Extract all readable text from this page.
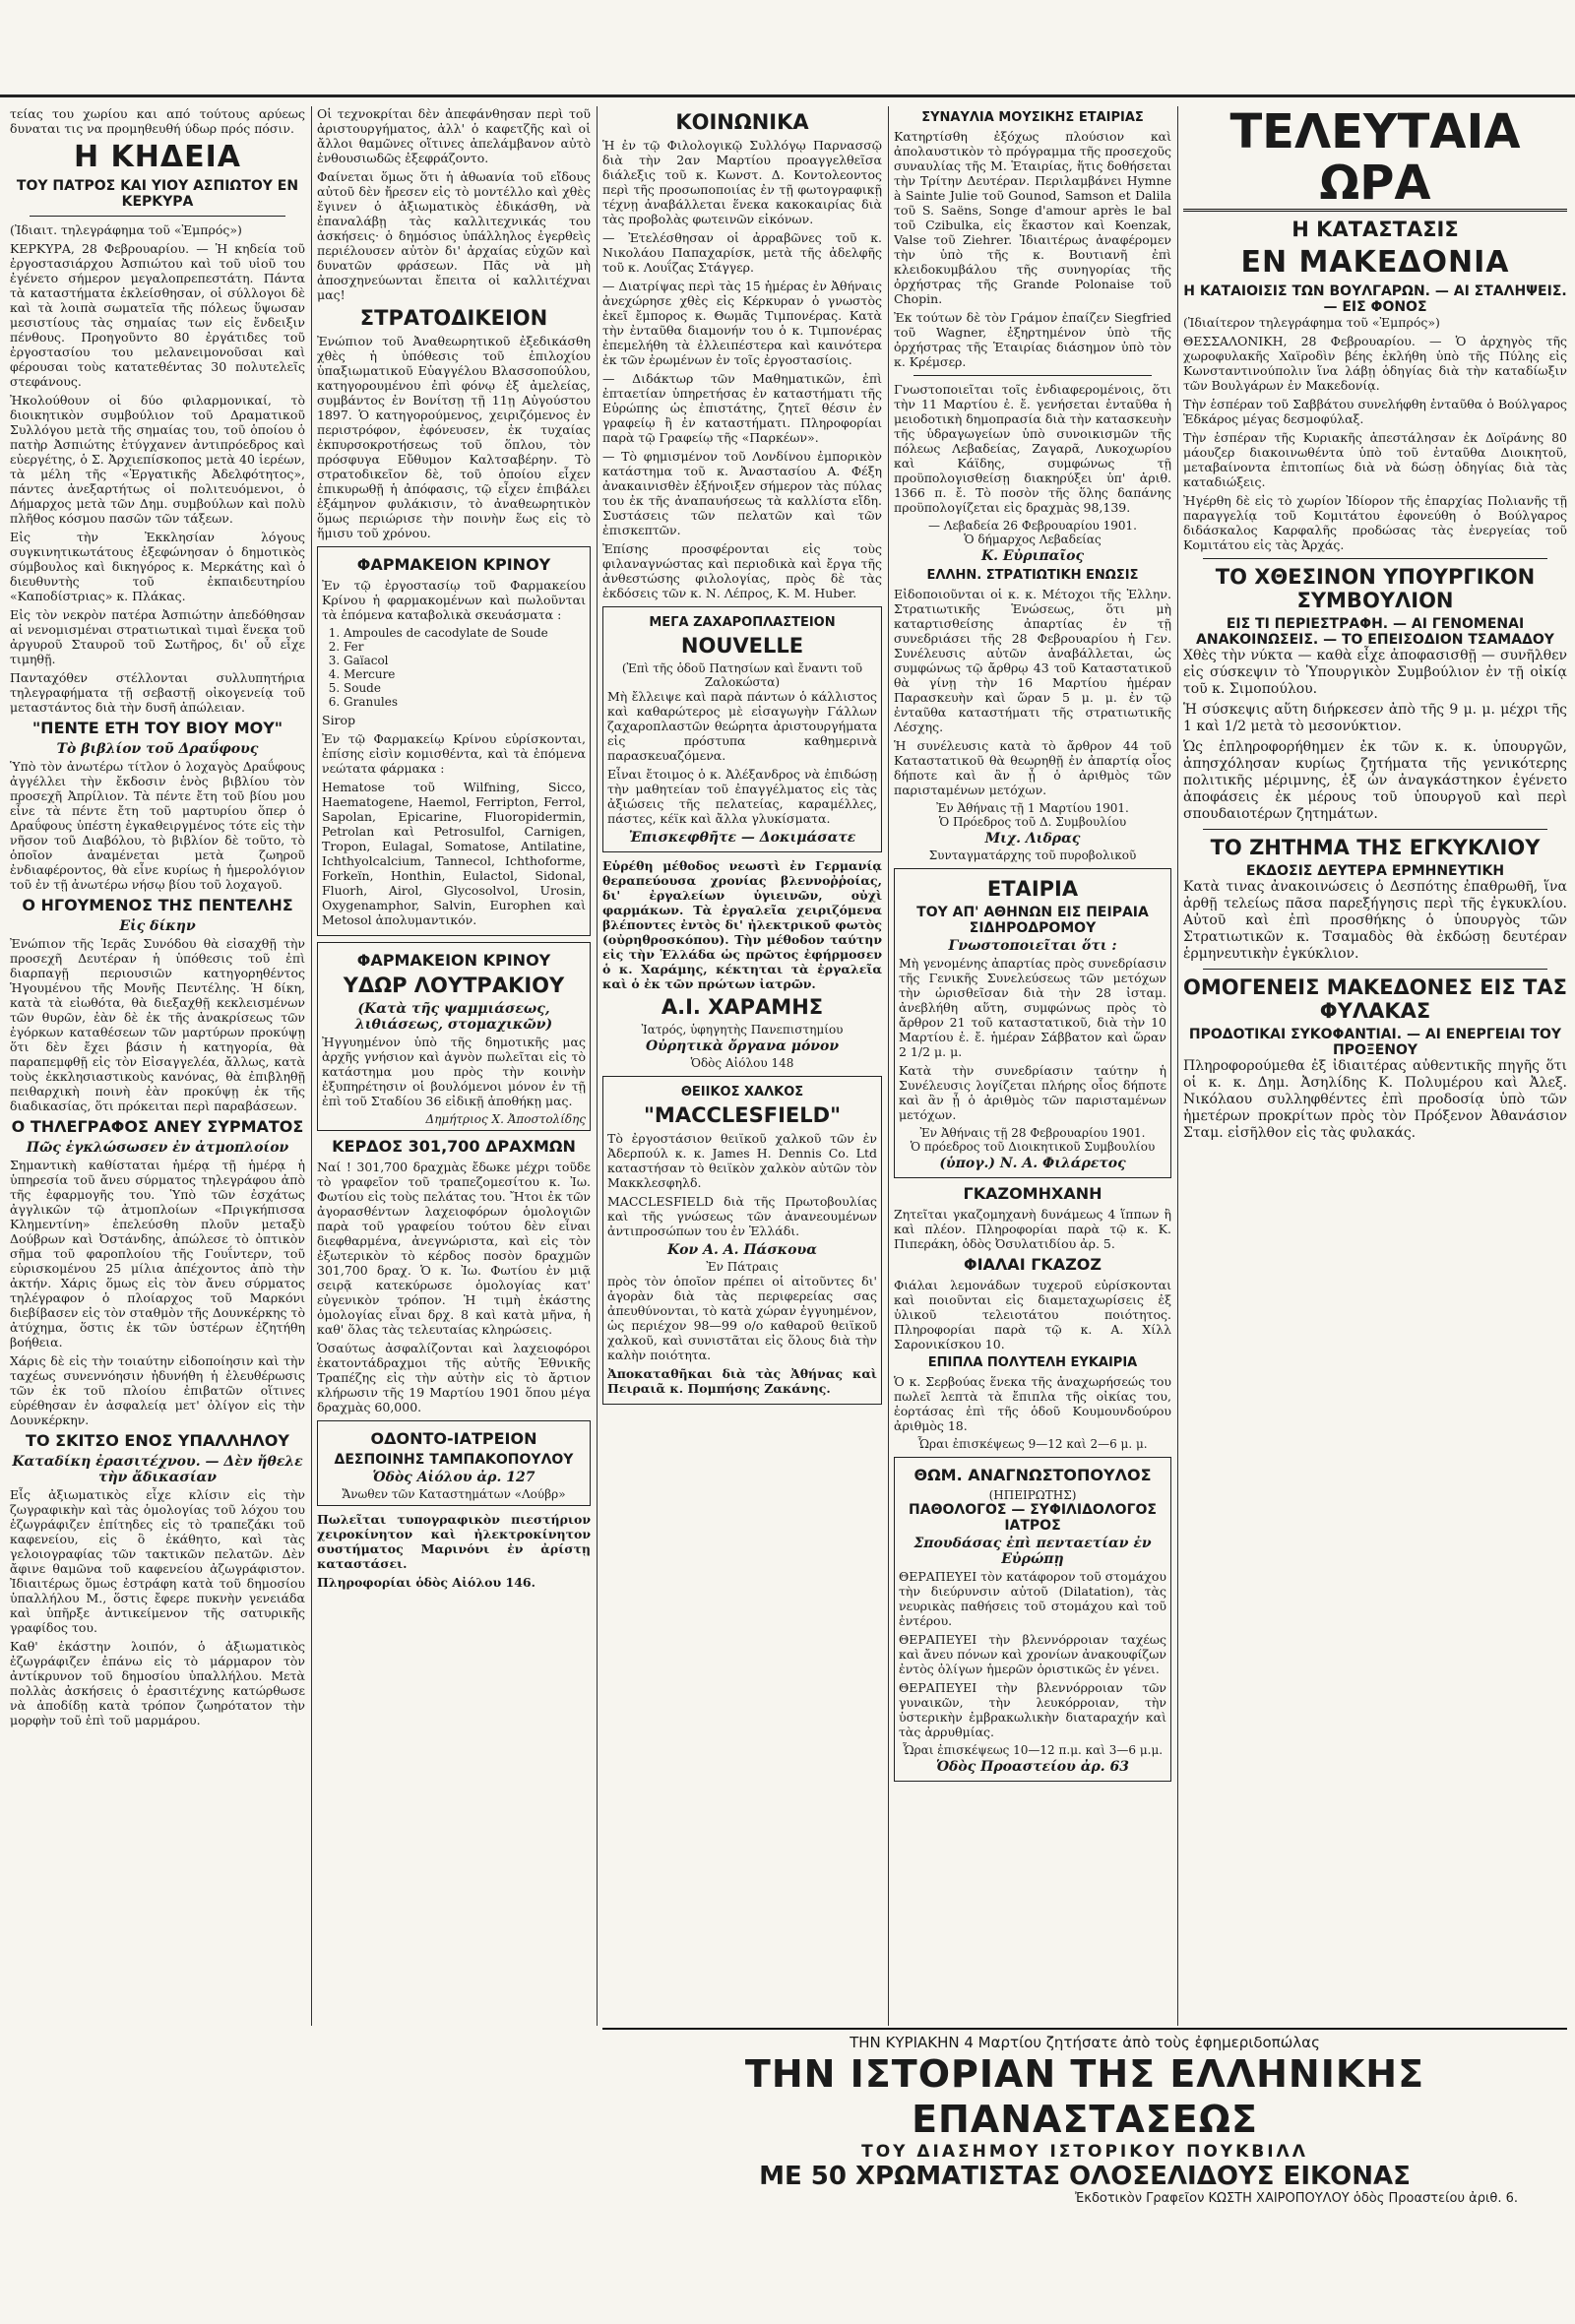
τείας του χωρίου και από τούτους αρύεως δυναται τις να προμηθευθή ύδωρ πρός πόσιν.

Η ΚΗΔΕΙΑ
ΤΟΥ ΠΑΤΡΟΣ ΚΑΙ ΥΙΟΥ ΑΣΠΙΩΤΟΥ ΕΝ ΚΕΡΚΥΡΑ

(Ἰδιαιτ. τηλεγράφημα τοῦ «Ἐμπρός»)

ΚΕΡΚΥΡΑ, 28 Φεβρουαρίου. — Ἡ κηδεία τοῦ ἐργοστασιάρχου Ἀσπιώτου καὶ τοῦ υἱοῦ του ἐγένετο σήμερον μεγαλοπρεπεστάτη. Πάντα τὰ καταστήματα ἐκλείσθησαν, οἱ σύλλογοι δὲ καὶ τὰ λοιπὰ σωματεῖα τῆς πόλεως ὕψωσαν μεσιστίους τὰς σημαίας των εἰς ἔνδειξιν πένθους. Προηγοῦντο 80 ἐργάτιδες τοῦ ἐργοστασίου του μελανειμονοῦσαι καὶ φέρουσαι τοὺς κατατεθέντας 30 πολυτελεῖς στεφάνους.

Ἠκολούθουν οἱ δύο φιλαρμονικαί, τὸ διοικητικὸν συμβούλιον τοῦ Δραματικοῦ Συλλόγου μετὰ τῆς σημαίας του, τοῦ ὁποίου ὁ πατὴρ Ἀσπιώτης ἐτύγχανεν ἀντιπρόεδρος καὶ εὐεργέτης, ὁ Σ. Ἀρχιεπίσκοπος μετὰ 40 ἱερέων, τὰ μέλη τῆς «Ἐργατικῆς Ἀδελφότητος», πάντες ἀνεξαρτήτως οἱ πολιτευόμενοι, ὁ Δήμαρχος μετὰ τῶν Δημ. συμβούλων καὶ πολὺ πλῆθος κόσμου πασῶν τῶν τάξεων.

Εἰς τὴν Ἐκκλησίαν λόγους συγκινητικωτάτους ἐξεφώνησαν ὁ δημοτικὸς σύμβουλος καὶ δικηγόρος κ. Μερκάτης καὶ ὁ διευθυντὴς τοῦ ἐκπαιδευτηρίου «Καποδίστριας» κ. Πλάκας.

Εἰς τὸν νεκρὸν πατέρα Ἀσπιώτην ἀπεδόθησαν αἱ νενομισμέναι στρατιωτικαὶ τιμαὶ ἕνεκα τοῦ ἀργυροῦ Σταυροῦ τοῦ Σωτῆρος, δι' οὗ εἶχε τιμηθῇ.

Πανταχόθεν στέλλονται συλλυπητήρια τηλεγραφήματα τῇ σεβαστῇ οἰκογενείᾳ τοῦ μεταστάντος διὰ τὴν δυσῆ ἀπώλειαν.

"ΠΕΝΤΕ ΕΤΗ ΤΟΥ ΒΙΟΥ ΜΟΥ"
Τὸ βιβλίον τοῦ Δραΰφους

Ὑπὸ τὸν ἀνωτέρω τίτλον ὁ λοχαγὸς Δραΰφους ἀγγέλλει τὴν ἔκδοσιν ἑνὸς βιβλίου τὸν προσεχῆ Ἀπρίλιον. Τὰ πέντε ἔτη τοῦ βίου μου εἶνε τὰ πέντε ἔτη τοῦ μαρτυρίου ὅπερ ὁ Δραΰφους ὑπέστη ἐγκαθειργμένος τότε εἰς τὴν νῆσον τοῦ Διαβόλου, τὸ βιβλίον δὲ τοῦτο, τὸ ὁποῖον ἀναμένεται μετὰ ζωηροῦ ἐνδιαφέροντος, θὰ εἶνε κυρίως ἡ ἡμερολόγιον τοῦ ἐν τῇ ἀνωτέρω νήσῳ βίου τοῦ λοχαγοῦ.

Ο ΗΓΟΥΜΕΝΟΣ ΤΗΣ ΠΕΝΤΕΛΗΣ
Εἰς δίκην

Ἐνώπιον τῆς Ἱερᾶς Συνόδου θὰ εἰσαχθῇ τὴν προσεχῆ Δευτέραν ἡ ὑπόθεσις τοῦ ἐπὶ διαρπαγῇ περιουσιῶν κατηγορηθέντος Ἡγουμένου τῆς Μονῆς Πεντέλης. Ἡ δίκη, κατὰ τὰ εἰωθότα, θὰ διεξαχθῇ κεκλεισμένων τῶν θυρῶν, ἐὰν δὲ ἐκ τῆς ἀνακρίσεως τῶν ἐγόρκων καταθέσεων τῶν μαρτύρων προκύψῃ ὅτι δὲν ἔχει βάσιν ἡ κατηγορία, θὰ παραπεμφθῇ εἰς τὸν Εἰσαγγελέα, ἄλλως, κατὰ τοὺς ἐκκλησιαστικοὺς κανόνας, θὰ ἐπιβληθῇ πειθαρχικὴ ποινὴ ἐὰν προκύψῃ ἐκ τῆς διαδικασίας, ὅτι πρόκειται περὶ παραβάσεων.

Ο ΤΗΛΕΓΡΑΦΟΣ ΑΝΕΥ ΣΥΡΜΑΤΟΣ
Πῶς ἐγκλώσωσεν ἐν ἀτμοπλοίον

Σημαντικὴ καθίσταται ἡμέρᾳ τῇ ἡμέρᾳ ἡ ὑπηρεσία τοῦ ἄνευ σύρματος τηλεγράφου ἀπὸ τῆς ἐφαρμογῆς του. Ὑπὸ τῶν ἐσχάτως ἀγγλικῶν τῷ ἀτμοπλοίων «Πριγκήπισσα Κλημεντίνη» ἐπελεύσθη πλοῦν μεταξὺ Δούβρων καὶ Ὀστάνδης, ἀπώλεσε τὸ ὀπτικὸν σῆμα τοῦ φαροπλοίου τῆς Γουΐντερν, τοῦ εὑρισκομένου 25 μίλια ἀπέχοντος ἀπὸ τὴν ἀκτήν. Χάρις ὅμως εἰς τὸν ἄνευ σύρματος τηλέγραφον ὁ πλοίαρχος τοῦ Μαρκόνι διεβίβασεν εἰς τὸν σταθμὸν τῆς Δουνκέρκης τὸ ἀτύχημα, ὅστις ἐκ τῶν ὑστέρων ἐζητήθη βοήθεια.

Χάρις δὲ εἰς τὴν τοιαύτην εἰδοποίησιν καὶ τὴν ταχέως συνεννόησιν ἠδυνήθη ἡ ἐλευθέρωσις τῶν ἐκ τοῦ πλοίου ἐπιβατῶν οἵτινες εὑρέθησαν ἐν ἀσφαλείᾳ μετ' ὀλίγον εἰς τὴν Δουνκέρκην.

ΤΟ ΣΚΙΤΣΟ ΕΝΟΣ ΥΠΑΛΛΗΛΟΥ
Καταδίκη ἐρασιτέχνου. — Δὲν ἤθελε τὴν ἄδικασίαν

Εἷς ἀξιωματικὸς εἶχε κλίσιν εἰς τὴν ζωγραφικὴν καὶ τὰς ὁμολογίας τοῦ λόχου του ἐζωγράφιζεν ἐπίτηδες εἰς τὸ τραπεζάκι τοῦ καφενείου, εἰς ὃ ἐκάθητο, καὶ τὰς γελοιογραφίας τῶν τακτικῶν πελατῶν. Δὲν ἄφινε θαμῶνα τοῦ καφενείου ἀζωγράφιστον. Ἰδιαιτέρως ὅμως ἐστράφη κατὰ τοῦ δημοσίου ὑπαλλήλου Μ., ὅστις ἔφερε πυκνὴν γενειάδα καὶ ὑπῆρξε ἀντικείμενον τῆς σατυρικῆς γραφίδος του.

Καθ' ἑκάστην λοιπόν, ὁ ἀξιωματικὸς ἐζωγράφιζεν ἐπάνω εἰς τὸ μάρμαρον τὸν ἀντίκρυνον τοῦ δημοσίου ὑπαλλήλου. Μετὰ πολλὰς ἀσκήσεις ὁ ἐρασιτέχνης κατώρθωσε νὰ ἀποδίδῃ κατὰ τρόπον ζωηρότατον τὴν μορφὴν τοῦ ἐπὶ τοῦ μαρμάρου.

Οἱ τεχνοκρίται δὲν ἀπεφάνθησαν περὶ τοῦ ἀριστουργήματος, ἀλλ' ὁ καφετζῆς καὶ οἱ ἄλλοι θαμῶνες οἵτινες ἀπελάμβανον αὐτὸ ἐνθουσιωδῶς ἐξεφράζοντο.

Φαίνεται ὅμως ὅτι ἡ ἀθωανία τοῦ εἴδους αὐτοῦ δὲν ἤρεσεν εἰς τὸ μοντέλλο καὶ χθὲς ἔγινεν ὁ ἀξιωματικὸς ἐδικάσθη, νὰ ἐπαναλάβῃ τὰς καλλιτεχνικάς του ἀσκήσεις· ὁ δημόσιος ὑπάλληλος ἐγερθεὶς περιέλουσεν αὐτὸν δι' ἀρχαίας εὐχῶν καὶ δυνατῶν φράσεων. Πᾶς νὰ μὴ ἀποσχηνεύωνται ἔπειτα οἱ καλλιτέχναι μας!

ΣΤΡΑΤΟΔΙΚΕΙΟΝ

Ἐνώπιον τοῦ Ἀναθεωρητικοῦ ἐξεδικάσθη χθὲς ἡ ὑπόθεσις τοῦ ἐπιλοχίου ὑπαξιωματικοῦ Εὐαγγέλου Βλασσοπούλου, κατηγορουμένου ἐπὶ φόνῳ ἐξ ἀμελείας, συμβάντος ἐν Βονίτσῃ τῇ 11ῃ Αὐγούστου 1897. Ὁ κατηγορούμενος, χειριζόμενος ἐν περιστρόφον, ἐφόνευσεν, ἐκ τυχαίας ἐκπυρσοκροτήσεως τοῦ ὅπλου, τὸν πρόσφυγα Εὔθυμον Καλτσαβέρην. Τὸ στρατοδικεῖον δὲ, τοῦ ὁποίου εἶχεν ἐπικυρωθῇ ἡ ἀπόφασις, τῷ εἶχεν ἐπιβάλει ἑξάμηνον φυλάκισιν, τὸ ἀναθεωρητικὸν ὅμως περιώρισε τὴν ποινὴν ἕως εἰς τὸ ἥμισυ τοῦ χρόνου.

ΦΑΡΜΑΚΕΙΟΝ ΚΡΙΝΟΥ

Ἐν τῷ ἐργοστασίῳ τοῦ Φαρμακείου Κρίνου ἡ φαρμακομένων καὶ πωλοῦνται τὰ ἑπόμενα καταβολικὰ σκευάσματα :

1. Ampoules de cacodylate de Soude
2. Fer
3. Gaïacol
4. Mercure
5. Soude
6. Granules

Sirop

Ἐν τῷ Φαρμακείῳ Κρίνου εὑρίσκονται, ἐπίσης εἰσὶν κομισθέντα, καὶ τὰ ἑπόμενα νεώτατα φάρμακα :

Hematose τοῦ Wilfning, Sicco, Haematogene, Haemol, Ferripton, Ferrol, Sapolan, Epicarine, Fluoropidermin, Petrolan καὶ Petrosulfol, Carnigen, Tropon, Eulagal, Somatose, Antilatine, Ichthyolcalcium, Tannecol, Ichthoforme, Forkeïn, Honthin, Eulactol, Sidonal, Fluorh, Airol, Glycosolvol, Urosin, Oxygenamphor, Salvin, Europhen καὶ Metosol ἀπολυμαντικόν.

ΦΑΡΜΑΚΕΙΟΝ ΚΡΙΝΟΥ
ΥΔΩΡ ΛΟΥΤΡΑΚΙΟΥ
(Κατὰ τῆς ψαμμιάσεως, λιθιάσεως, στομαχικῶν)

Ἠγγυημένον ὑπὸ τῆς δημοτικῆς μας ἀρχῆς γνήσιον καὶ ἁγνὸν πωλεῖται εἰς τὸ κατάστημα μου πρὸς τὴν κοινὴν ἐξυπηρέτησιν οἱ βουλόμενοι μόνον ἐν τῇ ἐπὶ τοῦ Σταδίου 36 εἰδικῇ ἀποθήκῃ μας.

Δημήτριος Χ. Ἀποστολίδης
ΚΕΡΔΟΣ 301,700 ΔΡΑΧΜΩΝ

Ναί ! 301,700 δραχμὰς ἔδωκε μέχρι τοῦδε τὸ γραφεῖον τοῦ τραπεζομεσίτου κ. Ἰω. Φωτίου εἰς τοὺς πελάτας του. Ἤτοι ἐκ τῶν ἀγορασθέντων λαχειοφόρων ὁμολογιῶν παρὰ τοῦ γραφείου τούτου δὲν εἶναι διεφθαρμένα, ἀνεγνώριστα, καὶ εἰς τὸν ἐξωτερικὸν τὸ κέρδος ποσὸν δραχμῶν 301,700 δραχ. Ὁ κ. Ἰω. Φωτίου ἐν μιᾷ σειρᾷ κατεκύρωσε ὁμολογίας κατ' εὐγενικὸν τρόπον. Ἡ τιμὴ ἑκάστης ὁμολογίας εἶναι δρχ. 8 καὶ κατὰ μῆνα, ἡ καθ' ὅλας τὰς τελευταίας κληρώσεις.

Ὁσαύτως ἀσφαλίζονται καὶ λαχειοφόροι ἑκατοντάδραχμοι τῆς αὐτῆς Ἐθνικῆς Τραπέζης εἰς τὴν αὐτὴν εἰς τὸ ἄρτιον κλήρωσιν τῆς 19 Μαρτίου 1901 ὅπου μέγα δραχμὰς 60,000.

ΟΔΟΝΤΟ-ΙΑΤΡΕΙΟΝ
ΔΕΣΠΟΙΝΗΣ ΤΑΜΠΑΚΟΠΟΥΛΟΥ
Ὁδὸς Αἰόλου ἀρ. 127
Ἄνωθεν τῶν Καταστημάτων «Λούβρ»

Πωλεῖται τυπογραφικὸν πιεστήριον χειροκίνητον καὶ ἠλεκτροκίνητον συστήματος Μαρινόνι ἐν ἀρίστῃ καταστάσει.

Πληροφορίαι ὁδὸς Αἰόλου 146.

ΚΟΙΝΩΝΙΚΑ

Ἡ ἐν τῷ Φιλολογικῷ Συλλόγῳ Παρνασσῷ διὰ τὴν 2αν Μαρτίου προαγγελθεῖσα διάλεξις τοῦ κ. Κωνστ. Δ. Κοντολεοντος περὶ τῆς προσωποποιίας ἐν τῇ φωτογραφικῇ τέχνῃ ἀναβάλλεται ἕνεκα κακοκαιρίας διὰ τὰς προβολὰς φωτεινῶν εἰκόνων.

— Ἐτελέσθησαν οἱ ἀρραβῶνες τοῦ κ. Νικολάου Παπαχαρίσκ, μετὰ τῆς ἀδελφῆς τοῦ κ. Λουΐζας Στάγγερ.

— Διατρίψας περὶ τὰς 15 ἡμέρας ἐν Ἀθήναις ἀνεχώρησε χθὲς εἰς Κέρκυραν ὁ γνωστὸς ἐκεῖ ἔμπορος κ. Θωμᾶς Τιμπονέρας. Κατὰ τὴν ἐνταῦθα διαμονήν του ὁ κ. Τιμπονέρας ἐπεμελήθη τὰ ἐλλειπέστερα καὶ καινότερα ἐκ τῶν ἐρωμένων ἐν τοῖς ἐργοστασίοις.

— Διδάκτωρ τῶν Μαθηματικῶν, ἐπὶ ἐπταετίαν ὑπηρετήσας ἐν καταστήματι τῆς Εὐρώπης ὡς ἐπιστάτης, ζητεῖ θέσιν ἐν γραφείῳ ἢ ἐν καταστήματι. Πληροφορίαι παρὰ τῷ Γραφείῳ τῆς «Παρκέων».

— Τὸ φημισμένον τοῦ Λονδίνου ἐμπορικὸν κατάστημα τοῦ κ. Ἀναστασίου Α. Φέξη ἀνακαινισθὲν ἐξήνοιξεν σήμερον τὰς πύλας του ἐκ τῆς ἀναπαυήσεως τὰ καλλίστα εἴδη. Συστάσεις τῶν πελατῶν καὶ τῶν ἐπισκεπτῶν.

Ἐπίσης προσφέρονται εἰς τοὺς φιλαναγνώστας καὶ περιοδικὰ καὶ ἔργα τῆς ἀνθεστώσης φιλολογίας, πρὸς δὲ τὰς ἐκδόσεις τῶν κ. Ν. Λέπρος, Κ. Μ. Huber.

ΜΕΓΑ ΖΑΧΑΡΟΠΛΑΣΤΕΙΟΝ
NOUVELLE
(Ἐπὶ τῆς ὁδοῦ Πατησίων καὶ ἔναντι τοῦ Ζαλοκώστα)

Μὴ ἔλλειψε καὶ παρὰ πάντων ὁ κάλλιστος καὶ καθαρώτερος μὲ εἰσαγωγὴν Γάλλων ζαχαροπλαστῶν θεώρητα ἀριστουργήματα εἰς πρόστυπα καθημερινὰ παρασκευαζόμενα.

Εἶναι ἔτοιμος ὁ κ. Ἀλέξανδρος νὰ ἐπιδώσῃ τὴν μαθητείαν τοῦ ἐπαγγέλματος εἰς τὰς ἀξιώσεις τῆς πελατείας, καραμέλλες, πάστες, κέϊκ καὶ ἄλλα γλυκίσματα.

Ἐπισκεφθῆτε — Δοκιμάσατε

Εὑρέθη μέθοδος νεωστὶ ἐν Γερμανίᾳ θεραπεύουσα χρονίας βλεννοῤῥοίας, δι' ἐργαλείων ὑγιεινῶν, οὐχὶ φαρμάκων. Τὰ ἐργαλεῖα χειριζόμενα βλέποντες ἐντὸς δι' ἠλεκτρικοῦ φωτὸς (οὐρηθροσκόπου). Τὴν μέθοδον ταύτην εἰς τὴν Ἑλλάδα ὡς πρῶτος ἐφήρμοσεν ὁ κ. Χαράμης, κέκτηται τὰ ἐργαλεῖα καὶ ὁ ἐκ τῶν πρώτων ἰατρῶν.

Α.Ι. ΧΑΡΑΜΗΣ
Ἰατρός, ὑφηγητὴς Πανεπιστημίου
Οὐρητικὰ ὄργανα μόνον
Ὁδὸς Αἰόλου 148
ΘΕΙΙΚΟΣ ΧΑΛΚΟΣ
"MACCLESFIELD"

Τὸ ἐργοστάσιον θειϊκοῦ χαλκοῦ τῶν ἐν Ἀδερπούλ κ. κ. James H. Dennis Co. Ltd καταστήσαν τὸ θειϊκὸν χαλκὸν αὐτῶν τὸν Μακκλεσφηλδ.

MACCLESFIELD διὰ τῆς Πρωτοβουλίας καὶ τῆς γνώσεως τῶν ἀνανεουμένων ἀντιπροσώπων του ἐν Ἑλλάδι.

Κον Α. Α. Πάσκουα
Ἐν Πάτραις

πρὸς τὸν ὁποῖον πρέπει οἱ αἰτοῦντες δι' ἀγορὰν διὰ τὰς περιφερείας σας ἀπευθύνονται, τὸ κατὰ χώραν ἐγγυημένον, ὡς περιέχον 98—99 ο/ο καθαροῦ θειϊκοῦ χαλκοῦ, καὶ συνιστᾶται εἰς ὅλους διὰ τὴν καλὴν ποιότητα.

Ἀποκαταθῆκαι διὰ τὰς Ἀθήνας καὶ Πειραιᾶ κ. Πομπήσης Ζακάνης.

ΣΥΝΑΥΛΙΑ ΜΟΥΣΙΚΗΣ ΕΤΑΙΡΙΑΣ

Κατηρτίσθη ἐξόχως πλούσιον καὶ ἀπολαυστικὸν τὸ πρόγραμμα τῆς προσεχοῦς συναυλίας τῆς Μ. Ἑταιρίας, ἥτις δοθήσεται τὴν Τρίτην Δευτέραν. Περιλαμβάνει Hymne à Sainte Julie τοῦ Gounod, Samson et Dalila τοῦ S. Saëns, Songe d'amour après le bal τοῦ Czibulka, εἰς ἕκαστον καὶ Koenzak, Valse τοῦ Ziehrer. Ἰδιαιτέρως ἀναφέρομεν τὴν ὑπὸ τῆς κ. Βουτιανῆ ἐπὶ κλειδοκυμβάλου τῆς συνηγορίας τῆς ὀρχήστρας τῆς Grande Polonaise τοῦ Chopin.

Ἐκ τούτων δὲ τὸν Γράμον ἐπαίζεν Siegfried τοῦ Wagner, ἐξηρτημένον ὑπὸ τῆς ὀρχήστρας τῆς Ἑταιρίας διάσημον ὑπὸ τὸν κ. Κρέμσερ.

Γνωστοποιεῖται τοῖς ἐνδιαφερομένοις, ὅτι τὴν 11 Μαρτίου ἐ. ἔ. γενήσεται ἐνταῦθα ἡ μειοδοτικὴ δημοπρασία διὰ τὴν κατασκευὴν τῆς ὑδραγωγείων ὑπὸ συνοικισμῶν τῆς πόλεως Λεβαδείας, Ζαγαρᾶ, Λυκοχωρίου καὶ Κάϊδης, συμφώνως τῇ προϋπολογισθείσῃ διακηρύξει ὑπ' ἀριθ. 1366 π. ἔ. Τὸ ποσὸν τῆς ὅλης δαπάνης προϋπολογίζεται εἰς δραχμὰς 98,139.

— Λεβαδεία 26 Φεβρουαρίου 1901.
Ὁ δήμαρχος Λεβαδείας
Κ. Εὐριπαῖος
ΕΛΛΗΝ. ΣΤΡΑΤΙΩΤΙΚΗ ΕΝΩΣΙΣ

Εἰδοποιοῦνται οἱ κ. κ. Μέτοχοι τῆς Ἑλλην. Στρατιωτικῆς Ἑνώσεως, ὅτι μὴ καταρτισθείσης ἀπαρτίας ἐν τῇ συνεδριάσει τῆς 28 Φεβρουαρίου ἡ Γεν. Συνέλευσις αὐτῶν ἀναβάλλεται, ὡς συμφώνως τῷ ἄρθρῳ 43 τοῦ Καταστατικοῦ θὰ γίνῃ τὴν 16 Μαρτίου ἡμέραν Παρασκευὴν καὶ ὥραν 5 μ. μ. ἐν τῷ ἐνταῦθα καταστήματι τῆς στρατιωτικῆς Λέσχης.

Ἡ συνέλευσις κατὰ τὸ ἄρθρον 44 τοῦ Καταστατικοῦ θὰ θεωρηθῇ ἐν ἀπαρτίᾳ οἷος δήποτε καὶ ἂν ᾖ ὁ ἀριθμὸς τῶν παρισταμένων μετόχων.

Ἐν Ἀθήναις τῇ 1 Μαρτίου 1901.
Ὁ Πρόεδρος τοῦ Δ. Συμβουλίου
Μιχ. Λιδρας
Συνταγματάρχης τοῦ πυροβολικοῦ
ΕΤΑΙΡΙΑ
ΤΟΥ ΑΠ' ΑΘΗΝΩΝ ΕΙΣ ΠΕΙΡΑΙΑ ΣΙΔΗΡΟΔΡΟΜΟΥ
Γνωστοποιεῖται ὅτι :

Μὴ γενομένης ἀπαρτίας πρὸς συνεδρίασιν τῆς Γενικῆς Συνελεύσεως τῶν μετόχων τὴν ὡρισθεῖσαν διὰ τὴν 28 ἰσταμ. ἀνεβλήθη αὕτη, συμφώνως πρὸς τὸ ἄρθρον 21 τοῦ καταστατικοῦ, διὰ τὴν 10 Μαρτίου ἐ. ἔ. ἡμέραν Σάββατον καὶ ὥραν 2 1/2 μ. μ.

Κατὰ τὴν συνεδρίασιν ταύτην ἡ Συνέλευσις λογίζεται πλήρης οἷος δήποτε καὶ ἂν ᾖ ὁ ἀριθμὸς τῶν παρισταμένων μετόχων.

Ἐν Ἀθήναις τῇ 28 Φεβρουαρίου 1901.
Ὁ πρόεδρος τοῦ Διοικητικοῦ Συμβουλίου
(ὑπογ.) Ν. Α. Φιλάρετος
ΓΚΑΖΟΜΗΧΑΝΗ

Ζητεῖται γκαζομηχανὴ δυνάμεως 4 ἵππων ἢ καὶ πλέον. Πληροφορίαι παρὰ τῷ κ. Κ. Πιπεράκη, ὁδὸς Ὀσυλατιδίου ἀρ. 5.

ΦΙΑΛΑΙ ΓΚΑΖΟΖ

Φιάλαι λεμονάδων τυχεροῦ εὐρίσκονται καὶ ποιοῦνται εἰς διαμεταχωρίσεις ἐξ ὑλικοῦ τελειοτάτου ποιότητος. Πληροφορίαι παρὰ τῷ κ. Α. Χίλλ Σαρονικίσκου 10.

ΕΠΙΠΛΑ ΠΟΛΥΤΕΛΗ ΕΥΚΑΙΡΙΑ

Ὁ κ. Σερβούας ἕνεκα τῆς ἀναχωρήσεώς του πωλεῖ λεπτὰ τὰ ἔπιπλα τῆς οἰκίας του, ἑορτάσας ἐπὶ τῆς ὁδοῦ Κουμουνδούρου ἀριθμὸς 18.

Ὧραι ἐπισκέψεως 9—12 καὶ 2—6 μ. μ.
ΘΩΜ. ΑΝΑΓΝΩΣΤΟΠΟΥΛΟΣ
(ΗΠΕΙΡΩΤΗΣ)
ΠΑΘΟΛΟΓΟΣ — ΣΥΦΙΛΙΔΟΛΟΓΟΣ ΙΑΤΡΟΣ
Σπουδάσας ἐπὶ πενταετίαν ἐν Εὐρώπῃ

ΘΕΡΑΠΕΥΕΙ τὸν κατάφορον τοῦ στομάχου τὴν διεύρυνσιν αὐτοῦ (Dilatation), τὰς νευρικὰς παθήσεις τοῦ στομάχου καὶ τοῦ ἐντέρου.

ΘΕΡΑΠΕΥΕΙ τὴν βλεννόρροιαν ταχέως καὶ ἄνευ πόνων καὶ χρονίων ἀνακουφίζων ἐντὸς ὀλίγων ἡμερῶν ὁριστικῶς ἐν γένει.

ΘΕΡΑΠΕΥΕΙ τὴν βλεννόρροιαν τῶν γυναικῶν, τὴν λευκόρροιαν, τὴν ὑστερικὴν ἐμβρακωλικὴν διαταραχήν καὶ τὰς ἀρρυθμίας.

Ὧραι ἐπισκέψεως 10—12 π.μ. καὶ 3—6 μ.μ.
Ὁδὸς Προαστείου ἀρ. 63
ΤΕΛΕΥΤΑΙΑ ΩΡΑ
Η ΚΑΤΑΣΤΑΣΙΣ
ΕΝ ΜΑΚΕΔΟΝΙΑ
Η ΚΑΤΑΙΟΙΣΙΣ ΤΩΝ ΒΟΥΛΓΑΡΩΝ. — ΑΙ ΣΤΑΛΗΨΕΙΣ. — ΕΙΣ ΦΟΝΟΣ

(Ἰδιαίτερον τηλεγράφημα τοῦ «Ἐμπρός»)

ΘΕΣΣΑΛΟΝΙΚΗ, 28 Φεβρουαρίου. — Ὁ ἀρχηγὸς τῆς χωροφυλακῆς Χαϊροδὶν βέης ἐκλήθη ὑπὸ τῆς Πύλης εἰς Κωνσταντινούπολιν ἵνα λάβῃ ὁδηγίας διὰ τὴν καταδίωξιν τῶν Βουλγάρων ἐν Μακεδονίᾳ.

Τὴν ἑσπέραν τοῦ Σαββάτου συνελήφθη ἐνταῦθα ὁ Βούλγαρος Ἑδκάρος μέγας δεσμοφύλαξ.

Τὴν ἑσπέραν τῆς Κυριακῆς ἀπεστάλησαν ἐκ Δοϊράνης 80 μάουζερ διακοινωθέντα ὑπὸ τοῦ ἐνταῦθα Διοικητοῦ, μεταβαίνοντα ἐπιτοπίως διὰ νὰ δώσῃ ὁδηγίας διὰ τὰς καταδιώξεις.

Ἠγέρθη δὲ εἰς τὸ χωρίον Ἰδίορον τῆς ἐπαρχίας Πολιανῆς τῇ παραγγελίᾳ τοῦ Κομιτάτου ἐφονεύθη ὁ Βούλγαρος διδάσκαλος Καρφαλῆς προδώσας τὰς ἐνεργείας τοῦ Κομιτάτου εἰς τὰς Ἀρχάς.

ΤΟ ΧΘΕΣΙΝΟΝ ΥΠΟΥΡΓΙΚΟΝ ΣΥΜΒΟΥΛΙΟΝ
ΕΙΣ ΤΙ ΠΕΡΙΕΣΤΡΑΦΗ. — ΑΙ ΓΕΝΟΜΕΝΑΙ ΑΝΑΚΟΙΝΩΣΕΙΣ. — ΤΟ ΕΠΕΙΣΟΔΙΟΝ ΤΣΑΜΑΔΟΥ

Χθὲς τὴν νύκτα — καθὰ εἶχε ἀποφασισθῇ — συνῆλθεν εἰς σύσκεψιν τὸ Ὑπουργικὸν Συμβούλιον ἐν τῇ οἰκίᾳ τοῦ κ. Σιμοπούλου.

Ἡ σύσκεψις αὕτη διήρκεσεν ἀπὸ τῆς 9 μ. μ. μέχρι τῆς 1 καὶ 1/2 μετὰ τὸ μεσονύκτιον.

Ὡς ἐπληροφορήθημεν ἐκ τῶν κ. κ. ὑπουργῶν, ἀπησχόλησαν κυρίως ζητήματα τῆς γενικότερης πολιτικῆς μέριμνης, ἐξ ὧν ἀναγκάστηκον ἐγένετο ἀποφάσεις ἐκ μέρους τοῦ ὑπουργοῦ καὶ περὶ σπουδαιοτέρων ζητημάτων.

ΤΟ ΖΗΤΗΜΑ ΤΗΣ ΕΓΚΥΚΛΙΟΥ
ΕΚΔΟΣΙΣ ΔΕΥΤΕΡΑ ΕΡΜΗΝΕΥΤΙΚΗ

Κατὰ τινας ἀνακοινώσεις ὁ Δεσπότης ἐπαθρωθῆ, ἵνα ἀρθῇ τελείως πᾶσα παρεξήγησις περὶ τῆς ἐγκυκλίου. Αὐτοῦ καὶ ἐπὶ προσθήκης ὁ ὑπουργὸς τῶν Στρατιωτικῶν κ. Τσαμαδὸς θὰ ἐκδώσῃ δευτέραν ἑρμηνευτικὴν ἐγκύκλιον.

ΟΜΟΓΕΝΕΙΣ ΜΑΚΕΔΟΝΕΣ ΕΙΣ ΤΑΣ ΦΥΛΑΚΑΣ
ΠΡΟΔΟΤΙΚΑΙ ΣΥΚΟΦΑΝΤΙΑΙ. — ΑΙ ΕΝΕΡΓΕΙΑΙ ΤΟΥ ΠΡΟΞΕΝΟΥ

Πληροφορούμεθα ἐξ ἰδιαιτέρας αὐθεντικῆς πηγῆς ὅτι οἱ κ. κ. Δημ. Ἀσηλίδης Κ. Πολυμέρου καὶ Ἀλεξ. Νικόλαου συλληφθέντες ἐπὶ προδοσίᾳ ὑπὸ τῶν ἡμετέρων προκρίτων πρὸς τὸν Πρόξενον Ἀθανάσιον Σταμ. εἰσῆλθον εἰς τὰς φυλακάς.

ΤΗΝ ΚΥΡΙΑΚΗΝ 4 Μαρτίου ζητήσατε ἀπὸ τοὺς ἐφημεριδοπώλας
ΤΗΝ ΙΣΤΟΡΙΑΝ ΤΗΣ ΕΛΛΗΝΙΚΗΣ ΕΠΑΝΑΣΤΑΣΕΩΣ
ΤΟΥ ΔΙΑΣΗΜΟΥ ΙΣΤΟΡΙΚΟΥ ΠΟΥΚΒΙΛΛ
ΜΕ 50 ΧΡΩΜΑΤΙΣΤΑΣ ΟΛΟΣΕΛΙΔΟΥΣ ΕΙΚΟΝΑΣ
Ἐκδοτικὸν Γραφεῖον ΚΩΣΤΗ ΧΑΙΡΟΠΟΥΛΟΥ ὁδὸς Προαστείου ἀριθ. 6.
